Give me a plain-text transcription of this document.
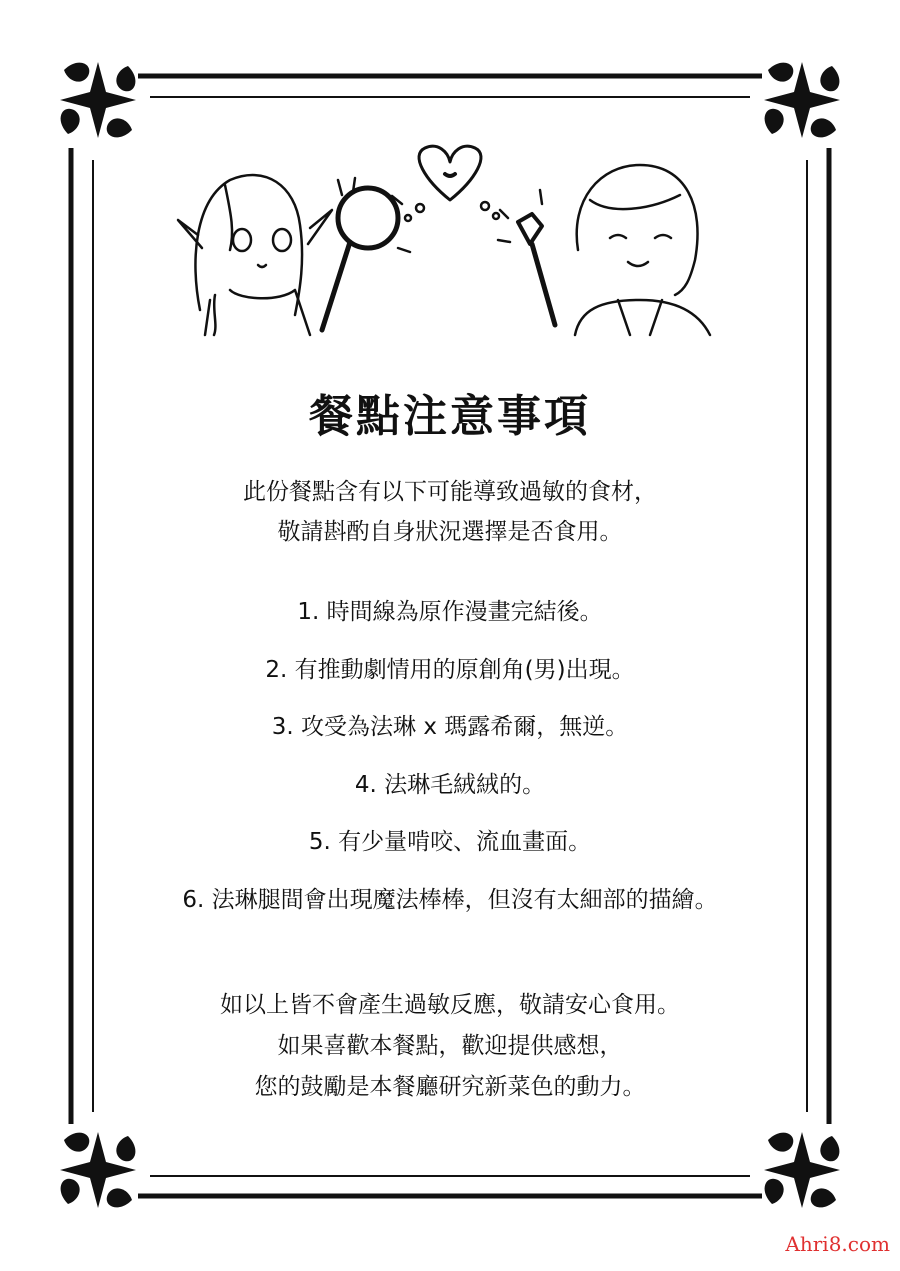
餐點注意事項
此份餐點含有以下可能導致過敏的食材，
敬請斟酌自身狀況選擇是否食用。
1. 時間線為原作漫畫完結後。
2. 有推動劇情用的原創角(男)出現。
3. 攻受為法琳 x 瑪露希爾，無逆。
4. 法琳毛絨絨的。
5. 有少量啃咬、流血畫面。
6. 法琳腿間會出現魔法棒棒，但沒有太細部的描繪。
如以上皆不會產生過敏反應，敬請安心食用。
如果喜歡本餐點，歡迎提供感想，
您的鼓勵是本餐廳研究新菜色的動力。
Ahri8.com
